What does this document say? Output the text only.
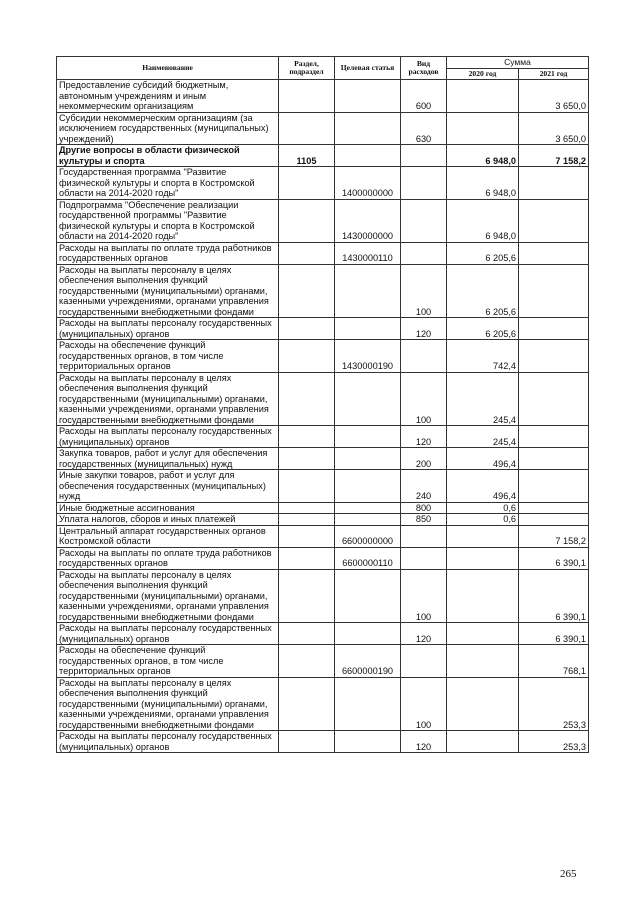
Наименование	Раздел, подраздел	Целевая статья	Вид расходов	Сумма	
				2020 год	2021 год
Предоставление субсидий бюджетным, автономным учреждениям и иным некоммерческим организациям			600		3 650,0
Субсидии некоммерческим организациям (за исключением государственных (муниципальных) учреждений)			630		3 650,0
Другие вопросы в области физической культуры и спорта	1105			6 948,0	7 158,2
Государственная программа "Развитие физической культуры и спорта в Костромской области на 2014-2020 годы"		1400000000		6 948,0	
Подпрограмма "Обеспечение реализации государственной программы "Развитие физической культуры и спорта в Костромской области на 2014-2020 годы"		1430000000		6 948,0	
Расходы на выплаты по оплате труда работников государственных органов		1430000110		6 205,6	
Расходы на выплаты персоналу в целях обеспечения выполнения функций государственными (муниципальными) органами, казенными учреждениями, органами управления государственными внебюджетными фондами			100	6 205,6	
Расходы на выплаты персоналу государственных (муниципальных) органов			120	6 205,6	
Расходы на обеспечение функций государственных органов, в том числе территориальных органов		1430000190		742,4	
Расходы на выплаты персоналу в целях обеспечения выполнения функций государственными (муниципальными) органами, казенными учреждениями, органами управления государственными внебюджетными фондами			100	245,4	
Расходы на выплаты персоналу государственных (муниципальных) органов			120	245,4	
Закупка товаров, работ и услуг для обеспечения государственных (муниципальных) нужд			200	496,4	
Иные закупки товаров, работ и услуг для обеспечения государственных (муниципальных) нужд			240	496,4	
Иные бюджетные ассигнования			800	0,6	
Уплата налогов, сборов и иных платежей			850	0,6	
Центральный аппарат государственных органов Костромской области		6600000000			7 158,2
Расходы на выплаты по оплате труда работников государственных органов		6600000110			6 390,1
Расходы на выплаты персоналу в целях обеспечения выполнения функций государственными (муниципальными) органами, казенными учреждениями, органами управления государственными внебюджетными фондами			100		6 390,1
Расходы на выплаты персоналу государственных (муниципальных) органов			120		6 390,1
Расходы на обеспечение функций государственных органов, в том числе территориальных органов		6600000190			768,1
Расходы на выплаты персоналу в целях обеспечения выполнения функций государственными (муниципальными) органами, казенными учреждениями, органами управления государственными внебюджетными фондами			100		253,3
Расходы на выплаты персоналу государственных (муниципальных) органов			120		253,3
265
